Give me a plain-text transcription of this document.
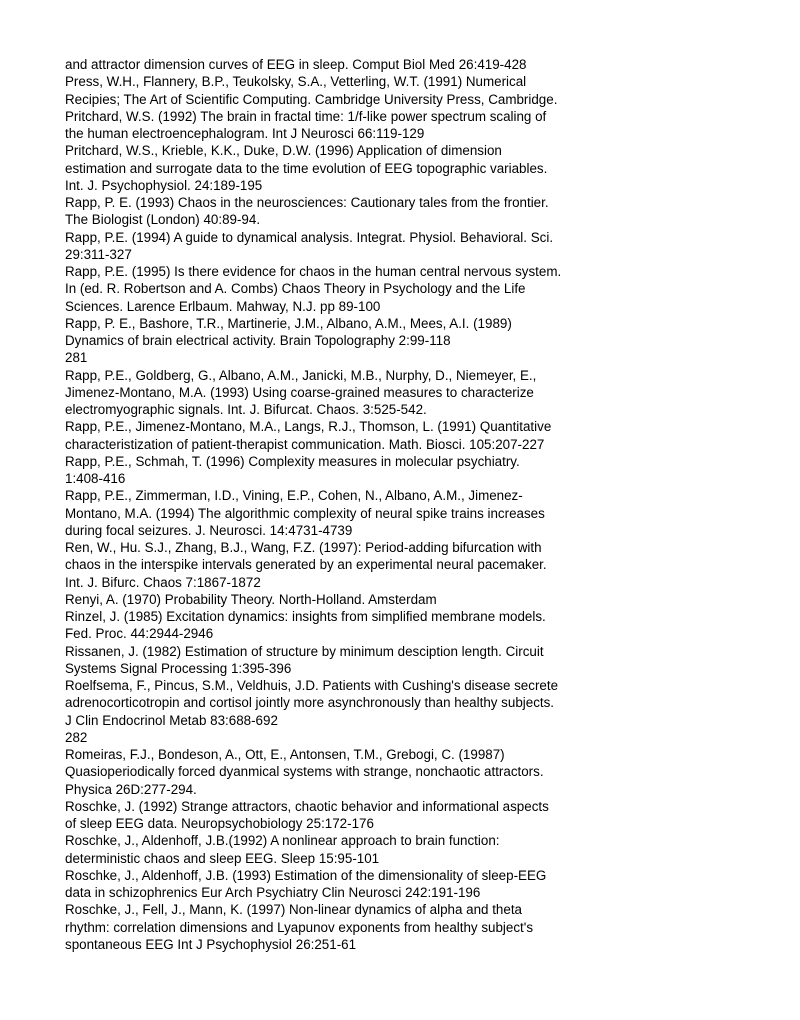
and attractor dimension curves of EEG in sleep. Comput Biol Med 26:419-428
Press, W.H., Flannery, B.P., Teukolsky, S.A., Vetterling, W.T. (1991) Numerical
Recipies; The Art of Scientific Computing. Cambridge University Press, Cambridge.
Pritchard, W.S. (1992) The brain in fractal time: 1/f-like power spectrum scaling of
the human electroencephalogram. Int J Neurosci 66:119-129
Pritchard, W.S., Krieble, K.K., Duke, D.W. (1996) Application of dimension
estimation and surrogate data to the time evolution of EEG topographic variables.
Int. J. Psychophysiol. 24:189-195
Rapp, P. E. (1993) Chaos in the neurosciences: Cautionary tales from the frontier.
The Biologist (London) 40:89-94.
Rapp, P.E. (1994) A guide to dynamical analysis. Integrat. Physiol. Behavioral. Sci.
29:311-327
Rapp, P.E. (1995) Is there evidence for chaos in the human central nervous system.
In (ed. R. Robertson and A. Combs) Chaos Theory in Psychology and the Life
Sciences. Larence Erlbaum. Mahway, N.J. pp 89-100
Rapp, P. E., Bashore, T.R., Martinerie, J.M., Albano, A.M., Mees, A.I. (1989)
Dynamics of brain electrical activity. Brain Topolography 2:99-118
281
Rapp, P.E., Goldberg, G., Albano, A.M., Janicki, M.B., Nurphy, D., Niemeyer, E.,
Jimenez-Montano, M.A. (1993) Using coarse-grained measures to characterize
electromyographic signals. Int. J. Bifurcat. Chaos. 3:525-542.
Rapp, P.E., Jimenez-Montano, M.A., Langs, R.J., Thomson, L. (1991) Quantitative
characteristization of patient-therapist communication. Math. Biosci. 105:207-227
Rapp, P.E., Schmah, T. (1996) Complexity measures in molecular psychiatry.
1:408-416
Rapp, P.E., Zimmerman, I.D., Vining, E.P., Cohen, N., Albano, A.M., Jimenez-
Montano, M.A. (1994) The algorithmic complexity of neural spike trains increases
during focal seizures. J. Neurosci. 14:4731-4739
Ren, W., Hu. S.J., Zhang, B.J., Wang, F.Z. (1997): Period-adding bifurcation with
chaos in the interspike intervals generated by an experimental neural pacemaker.
Int. J. Bifurc. Chaos 7:1867-1872
Renyi, A. (1970) Probability Theory. North-Holland. Amsterdam
Rinzel, J. (1985) Excitation dynamics: insights from simplified membrane models.
Fed. Proc. 44:2944-2946
Rissanen, J. (1982) Estimation of structure by minimum desciption length. Circuit
Systems Signal Processing 1:395-396
Roelfsema, F., Pincus, S.M., Veldhuis, J.D. Patients with Cushing's disease secrete
adrenocorticotropin and cortisol jointly more asynchronously than healthy subjects.
J Clin Endocrinol Metab 83:688-692
282
Romeiras, F.J., Bondeson, A., Ott, E., Antonsen, T.M., Grebogi, C. (19987)
Quasioperiodically forced dyanmical systems with strange, nonchaotic attractors.
Physica 26D:277-294.
Roschke, J. (1992) Strange attractors, chaotic behavior and informational aspects
of sleep EEG data. Neuropsychobiology 25:172-176
Roschke, J., Aldenhoff, J.B.(1992) A nonlinear approach to brain function:
deterministic chaos and sleep EEG. Sleep 15:95-101
Roschke, J., Aldenhoff, J.B. (1993) Estimation of the dimensionality of sleep-EEG
data in schizophrenics Eur Arch Psychiatry Clin Neurosci 242:191-196
Roschke, J., Fell, J., Mann, K. (1997) Non-linear dynamics of alpha and theta
rhythm: correlation dimensions and Lyapunov exponents from healthy subject's
spontaneous EEG Int J Psychophysiol 26:251-61
